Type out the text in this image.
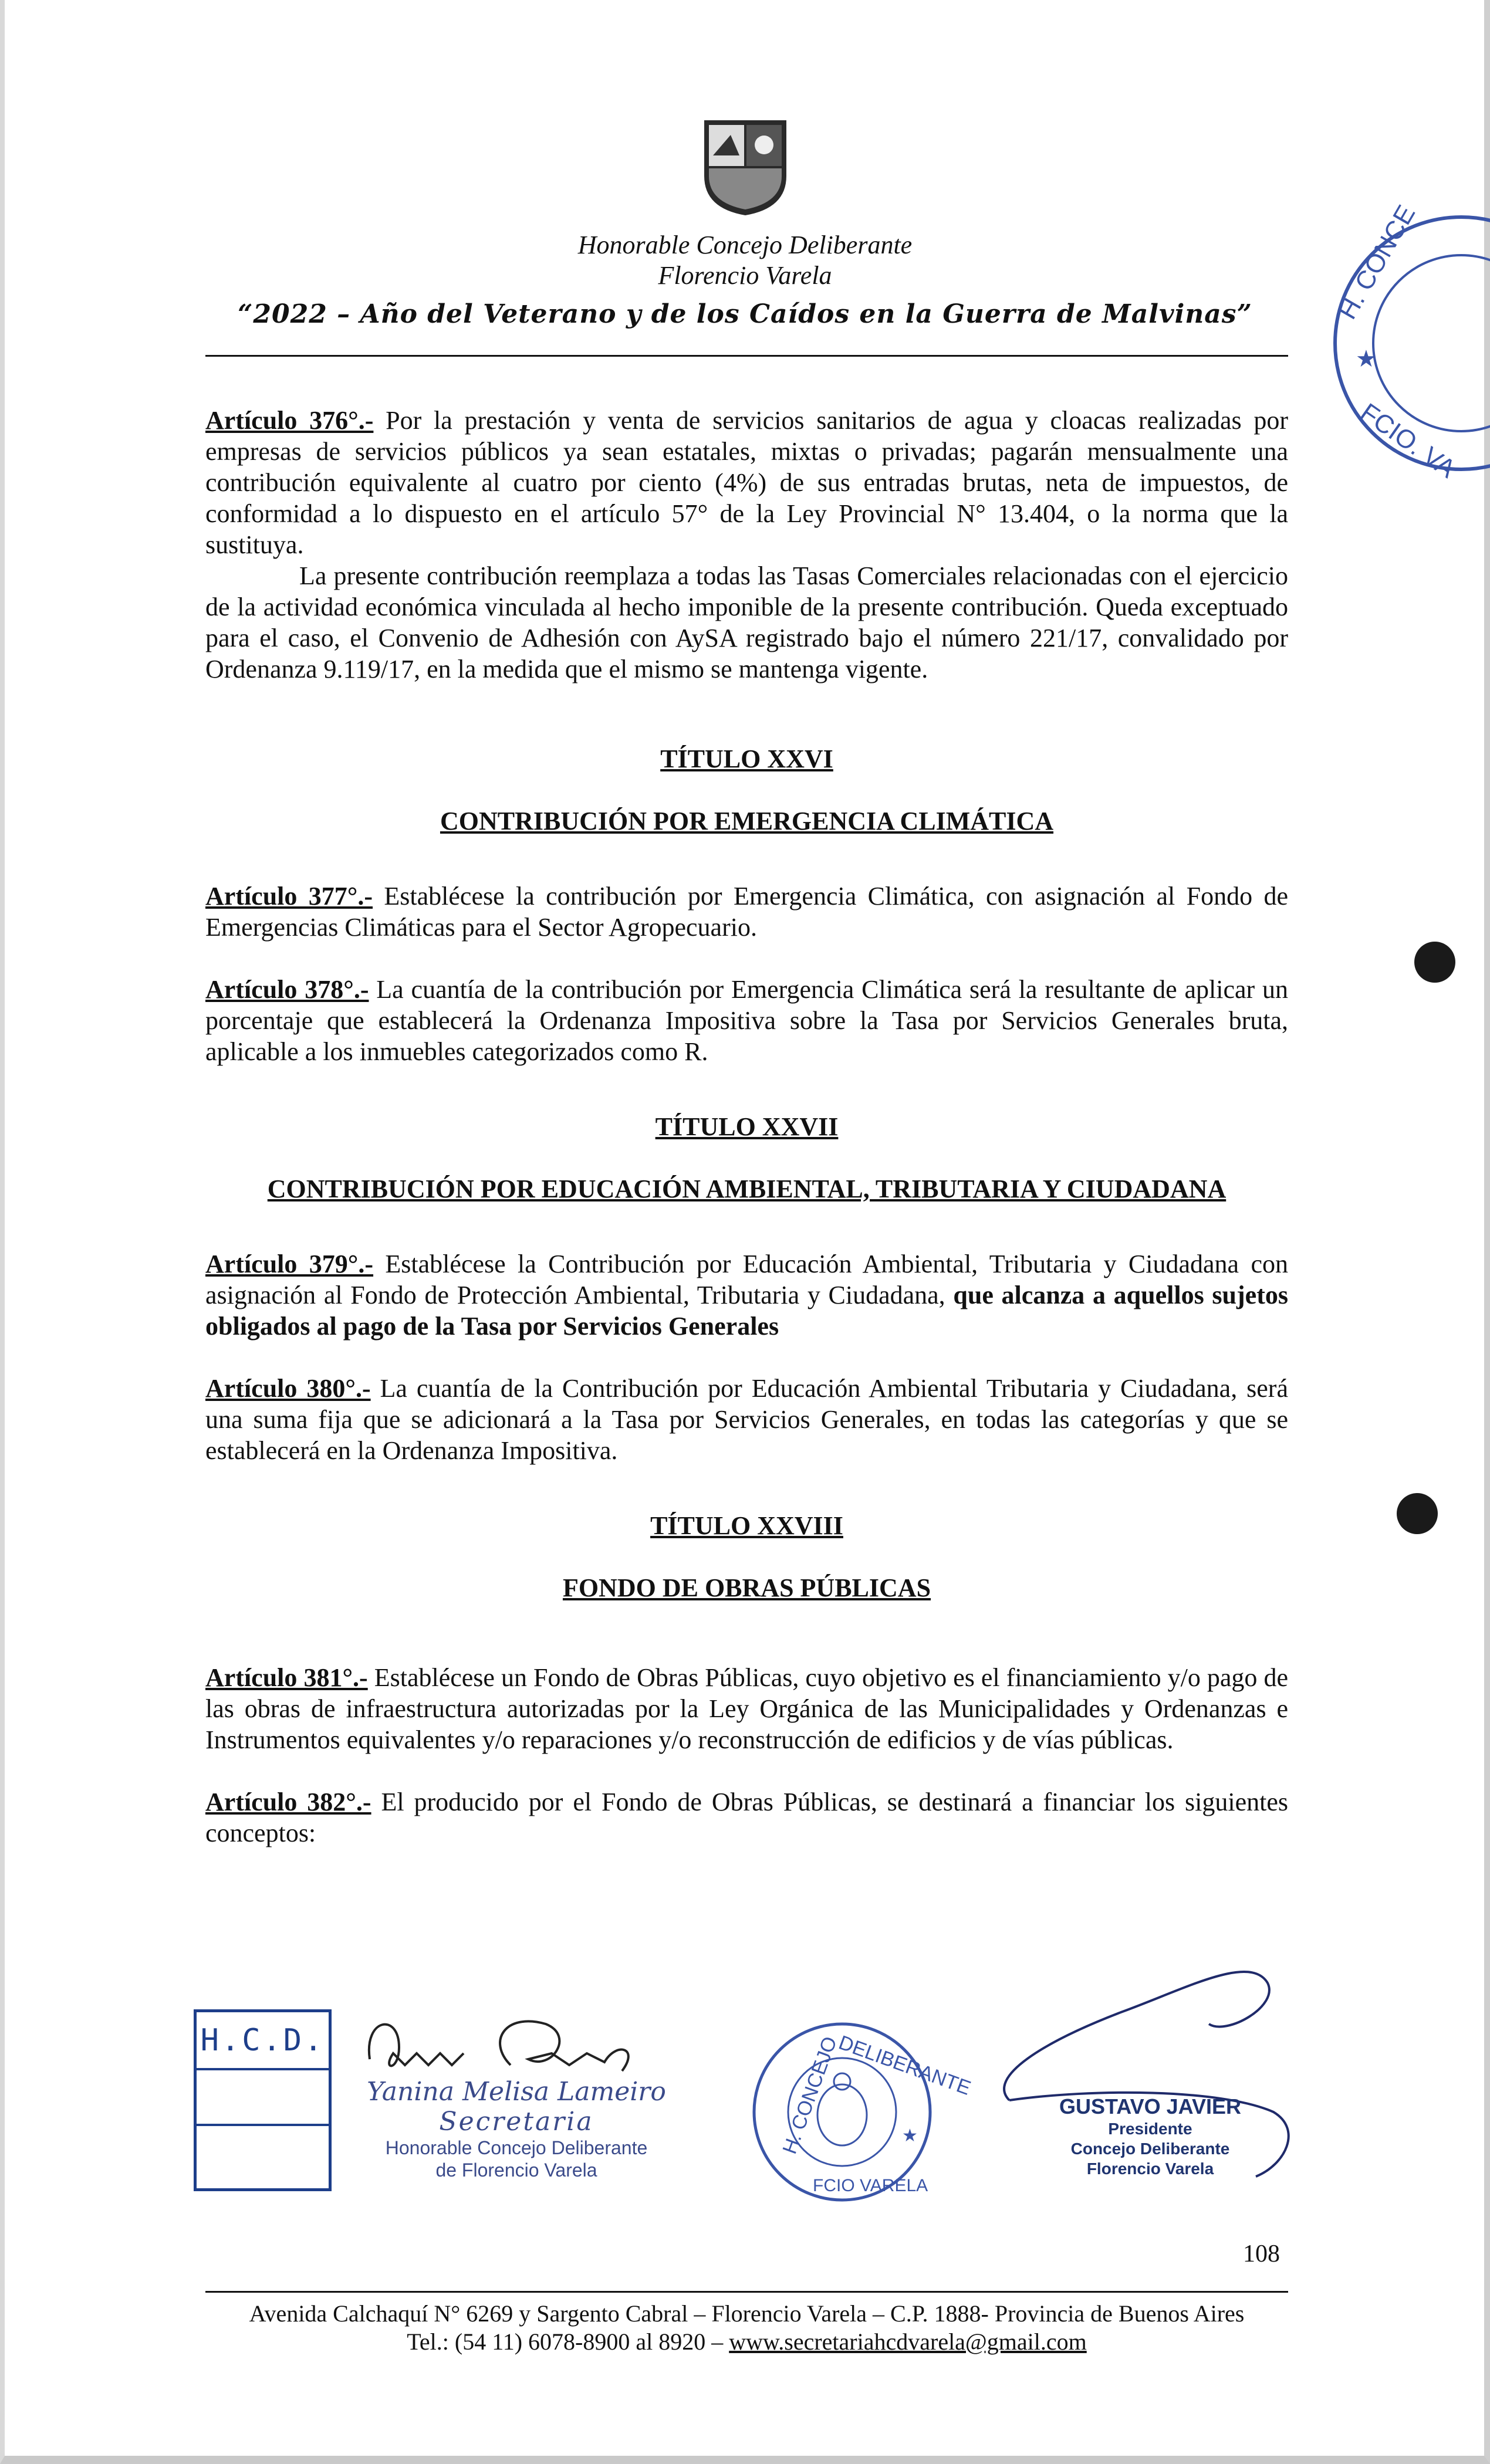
Honorable Concejo Deliberante
Florencio Varela
“2022 – Año del Veterano y de los Caídos en la Guerra de Malvinas”	H. CONCE
FCIO. VA
★

Artículo 376°.- Por la prestación y venta de servicios sanitarios de agua y cloacas realizadas por empresas de servicios públicos ya sean estatales, mixtas o privadas; pagarán mensualmente una contribución equivalente al cuatro por ciento (4%) de sus entradas brutas, neta de impuestos, de conformidad a lo dispuesto en el artículo 57° de la Ley Provincial N° 13.404, o la norma que la sustituya.

La presente contribución reemplaza a todas las Tasas Comerciales relacionadas con el ejercicio de la actividad económica vinculada al hecho imponible de la presente contribución. Queda exceptuado para el caso, el Convenio de Adhesión con AySA registrado bajo el número 221/17, convalidado por Ordenanza 9.119/17, en la medida que el mismo se mantenga vigente.

TÍTULO XXVI

CONTRIBUCIÓN POR EMERGENCIA CLIMÁTICA

Artículo 377°.- Establécese la contribución por Emergencia Climática, con asignación al Fondo de Emergencias Climáticas para el Sector Agropecuario.

Artículo 378°.- La cuantía de la contribución por Emergencia Climática será la resultante de aplicar un porcentaje que establecerá la Ordenanza Impositiva sobre la Tasa por Servicios Generales bruta, aplicable a los inmuebles categorizados como R.

TÍTULO XXVII

CONTRIBUCIÓN POR EDUCACIÓN AMBIENTAL, TRIBUTARIA Y CIUDADANA

Artículo 379°.- Establécese la Contribución por Educación Ambiental, Tributaria y Ciudadana con asignación al Fondo de Protección Ambiental, Tributaria y Ciudadana, que alcanza a aquellos sujetos obligados al pago de la Tasa por Servicios Generales

Artículo 380°.- La cuantía de la Contribución por Educación Ambiental Tributaria y Ciudadana, será una suma fija que se adicionará a la Tasa por Servicios Generales, en todas las categorías y que se establecerá en la Ordenanza Impositiva.

TÍTULO XXVIII

FONDO DE OBRAS PÚBLICAS

Artículo 381°.- Establécese un Fondo de Obras Públicas, cuyo objetivo es el financiamiento y/o pago de las obras de infraestructura autorizadas por la Ley Orgánica de las Municipalidades y Ordenanzas e Instrumentos equivalentes y/o reparaciones y/o reconstrucción de edificios y de vías públicas.

Artículo 382°.- El producido por el Fondo de Obras Públicas, se destinará a financiar los siguientes conceptos:

H.C.D.
Yanina Melisa Lameiro
Secretaria
Honorable Concejo Deliberante
de Florencio Varela
DELIBERANTE
H. CONCEJO
FCIO VARELA
★
GUSTAVO JAVIER
Presidente
Concejo Deliberante
Florencio Varela
108
Avenida Calchaquí N° 6269 y Sargento Cabral – Florencio Varela – C.P. 1888- Provincia de Buenos Aires
Tel.: (54 11) 6078-8900 al 8920 – www.secretariahcdvarela@gmail.com
